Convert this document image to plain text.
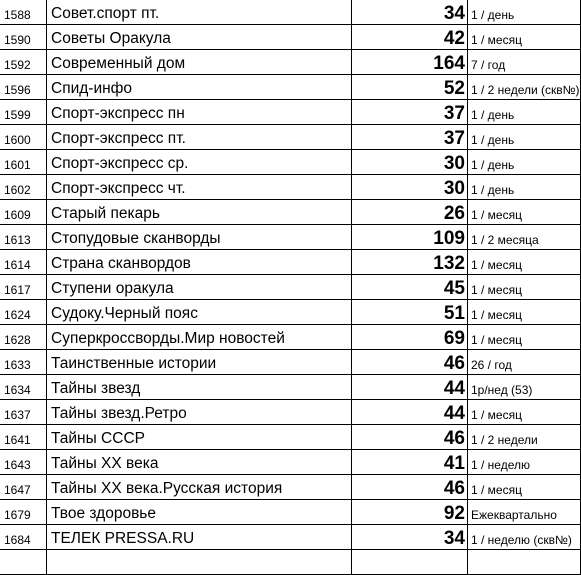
1588	Совет.спорт пт.	34	1 / день
1590	Советы Оракула	42	1 / месяц
1592	Современный дом	164	7 / год
1596	Спид-инфо	52	1 / 2 недели (скв№)
1599	Спорт-экспресс пн	37	1 / день
1600	Спорт-экспресс пт.	37	1 / день
1601	Спорт-экспресс ср.	30	1 / день
1602	Спорт-экспресс чт.	30	1 / день
1609	Старый пекарь	26	1 / месяц
1613	Стопудовые сканворды	109	1 / 2 месяца
1614	Страна сканвордов	132	1 / месяц
1617	Ступени оракула	45	1 / месяц
1624	Судоку.Черный пояс	51	1 / месяц
1628	Суперкроссворды.Мир новостей	69	1 / месяц
1633	Таинственные истории	46	26 / год
1634	Тайны звезд	44	1р/нед (53)
1637	Тайны звезд.Ретро	44	1 / месяц
1641	Тайны СССР	46	1 / 2 недели
1643	Тайны ХХ века	41	1 / неделю
1647	Тайны ХХ века.Русская история	46	1 / месяц
1679	Твое здоровье	92	Ежеквартально
1684	ТЕЛЕК PRESSA.RU	34	1 / неделю (скв№)
